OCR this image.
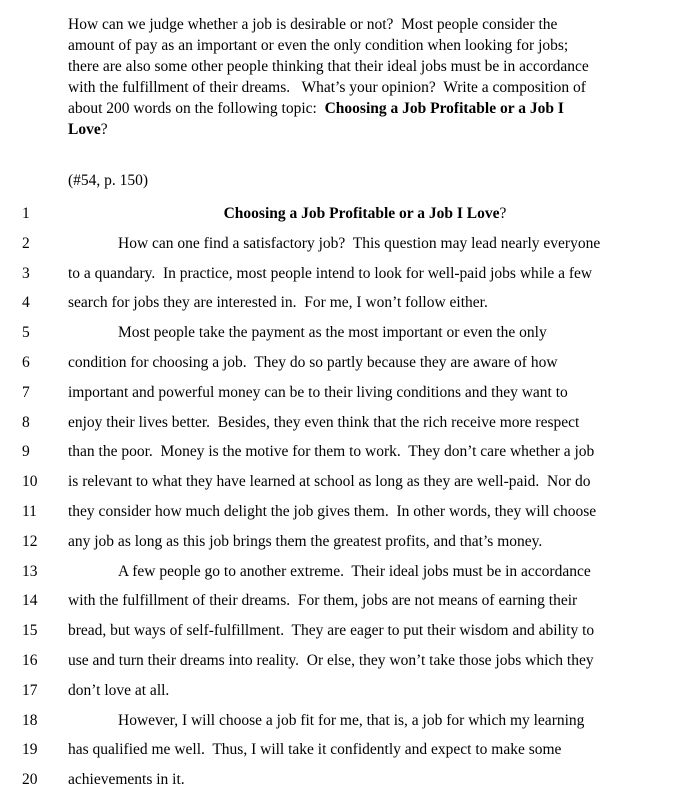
How can we judge whether a job is desirable or not?  Most people consider the
amount of pay as an important or even the only condition when looking for jobs;
there are also some other people thinking that their ideal jobs must be in accordance
with the fulfillment of their dreams.   What’s your opinion?  Write a composition of
about 200 words on the following topic:  Choosing a Job Profitable or a Job I
Love?
(#54, p. 150)
1	Choosing a Job Profitable or a Job I Love?
2	How can one find a satisfactory job?  This question may lead nearly everyone
3	to a quandary.  In practice, most people intend to look for well-paid jobs while a few
4	search for jobs they are interested in.  For me, I won’t follow either.
5	Most people take the payment as the most important or even the only
6	condition for choosing a job.  They do so partly because they are aware of how
7	important and powerful money can be to their living conditions and they want to
8	enjoy their lives better.  Besides, they even think that the rich receive more respect
9	than the poor.  Money is the motive for them to work.  They don’t care whether a job
10	is relevant to what they have learned at school as long as they are well-paid.  Nor do
11	they consider how much delight the job gives them.  In other words, they will choose
12	any job as long as this job brings them the greatest profits, and that’s money.
13	A few people go to another extreme.  Their ideal jobs must be in accordance
14	with the fulfillment of their dreams.  For them, jobs are not means of earning their
15	bread, but ways of self-fulfillment.  They are eager to put their wisdom and ability to
16	use and turn their dreams into reality.  Or else, they won’t take those jobs which they
17	don’t love at all.
18	However, I will choose a job fit for me, that is, a job for which my learning
19	has qualified me well.  Thus, I will take it confidently and expect to make some
20	achievements in it.
